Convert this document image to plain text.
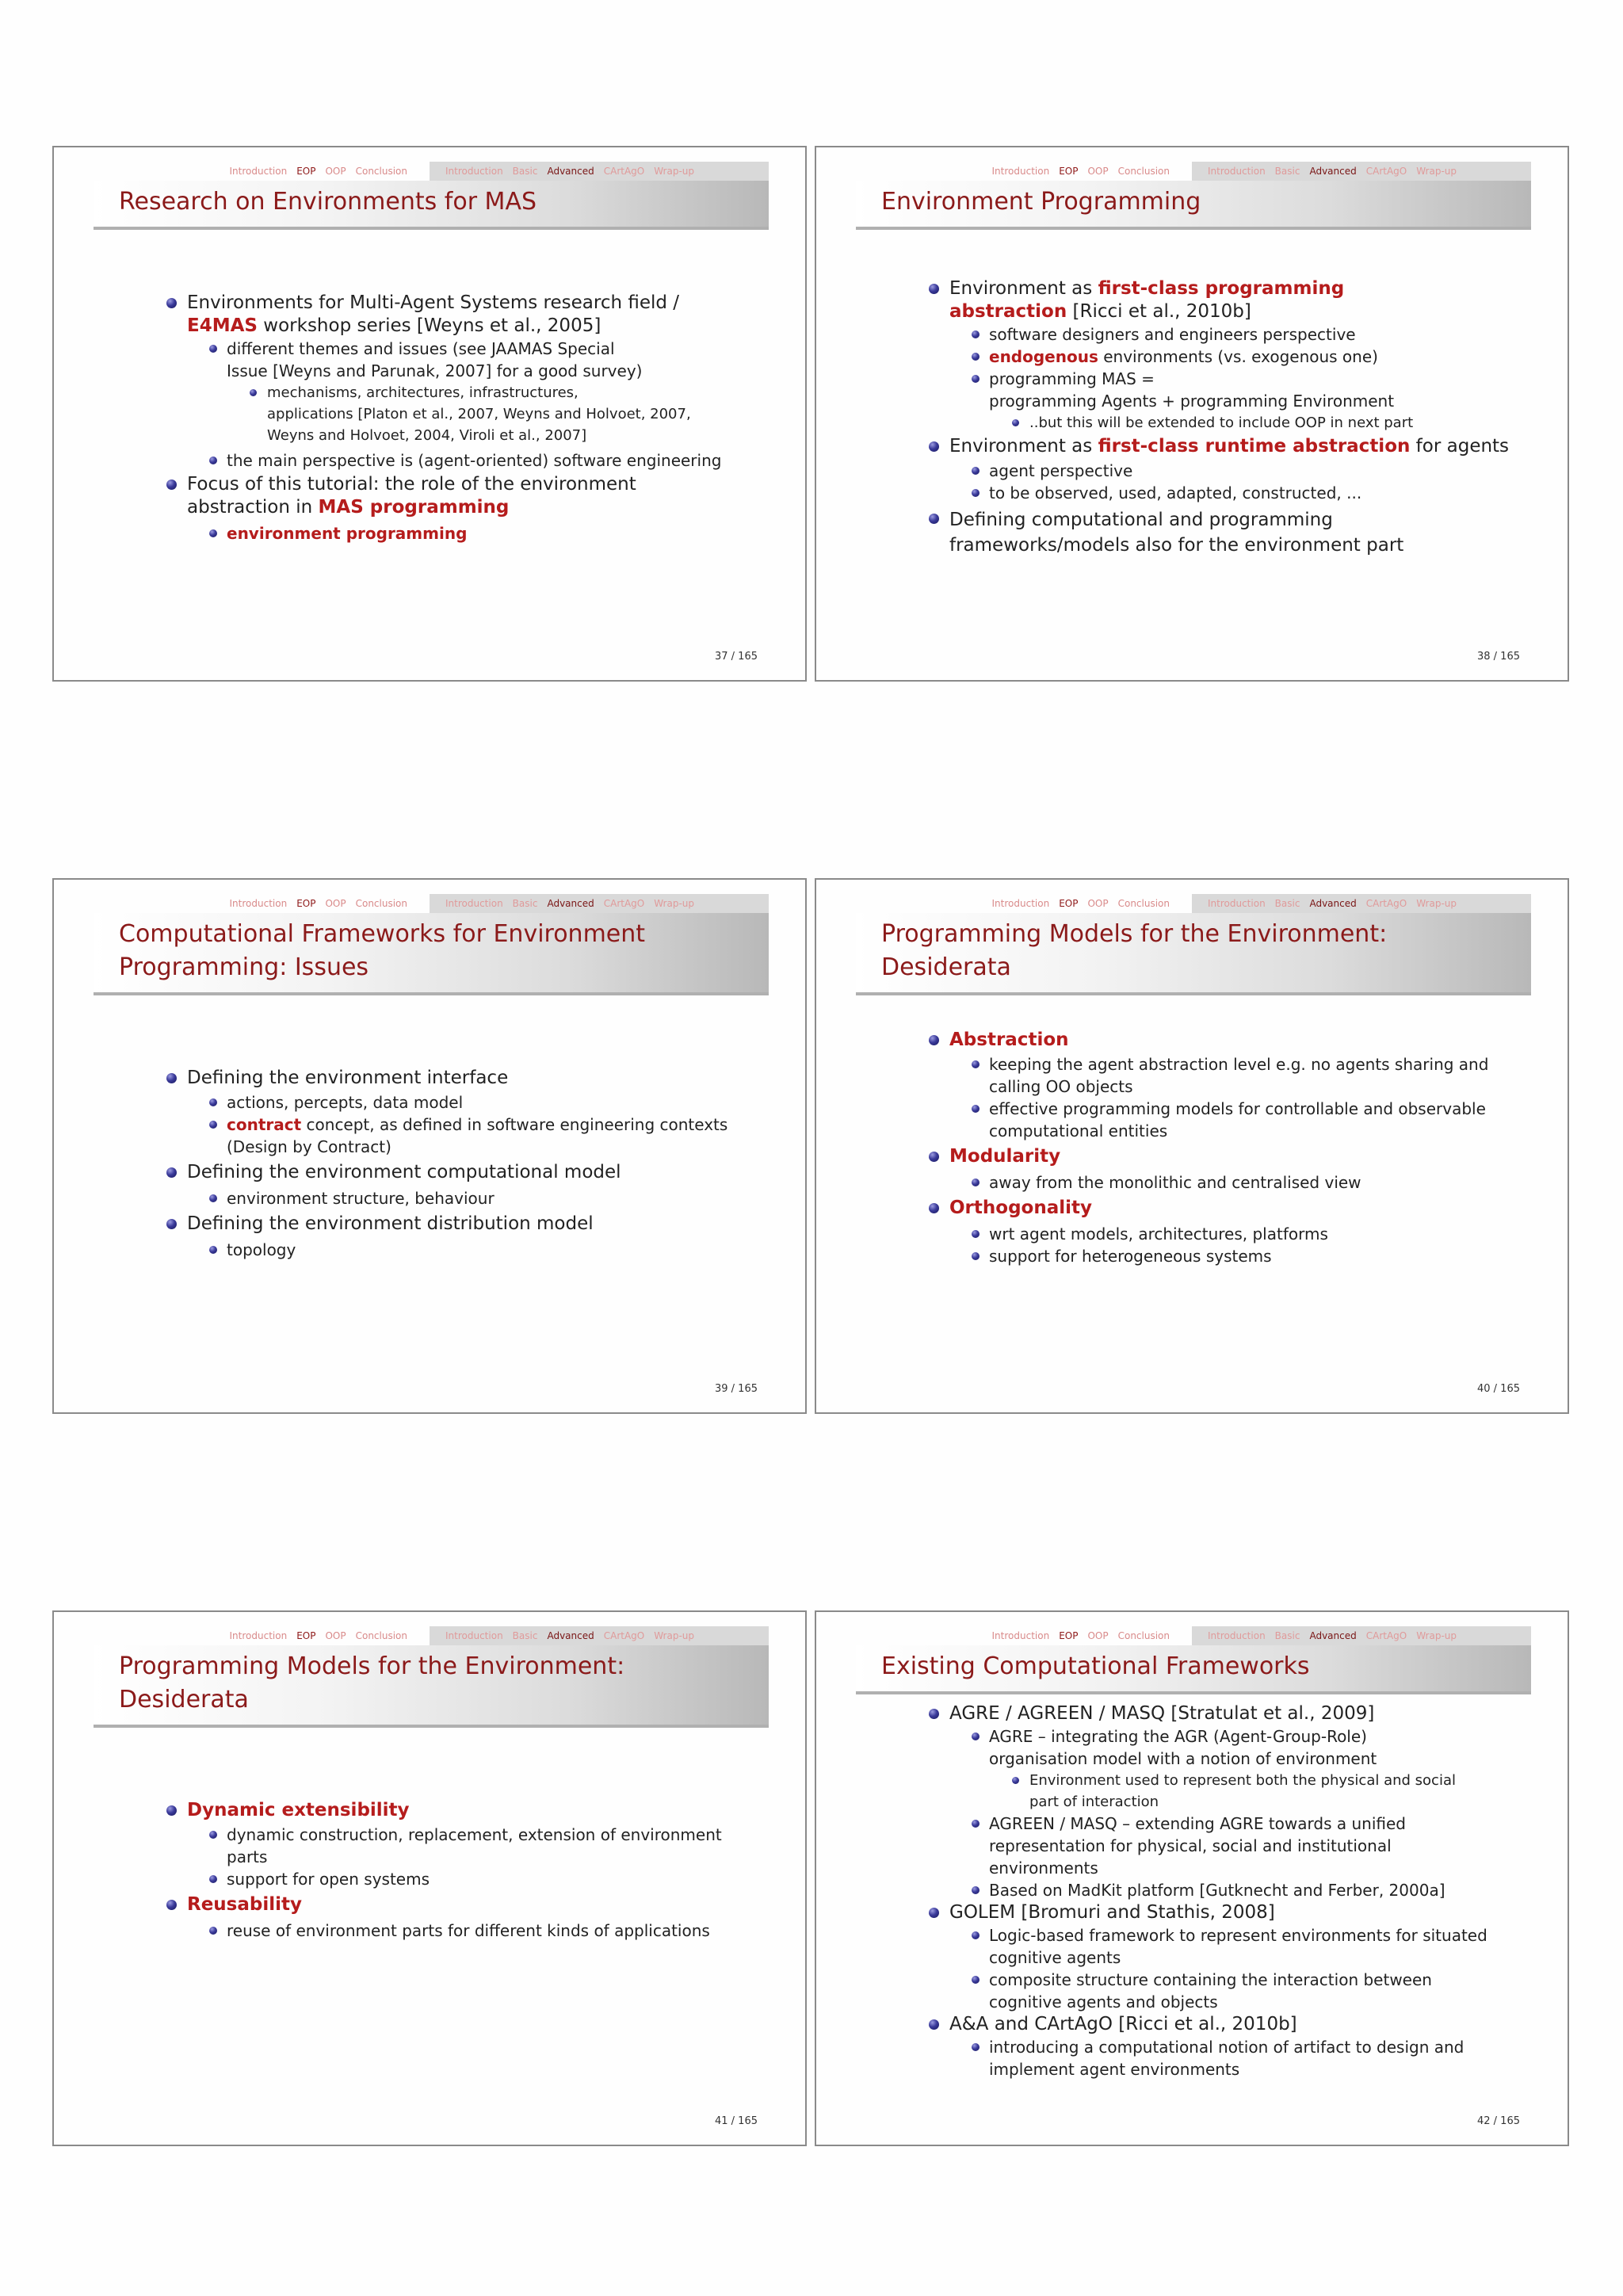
Introduction EOP OOP Conclusion	Introduction Basic Advanced CArtAgO Wrap-up
Research on Environments for MAS
Environments for Multi-Agent Systems research field /
E4MAS workshop series [Weyns et al., 2005]
different themes and issues (see JAAMAS Special
Issue [Weyns and Parunak, 2007] for a good survey)
mechanisms, architectures, infrastructures,
applications [Platon et al., 2007, Weyns and Holvoet, 2007,
Weyns and Holvoet, 2004, Viroli et al., 2007]
the main perspective is (agent-oriented) software engineering
Focus of this tutorial: the role of the environment
abstraction in MAS programming
environment programming
37 / 165
Introduction EOP OOP Conclusion	Introduction Basic Advanced CArtAgO Wrap-up
Environment Programming
Environment as first-class programming
abstraction [Ricci et al., 2010b]
software designers and engineers perspective
endogenous environments (vs. exogenous one)
programming MAS =
programming Agents + programming Environment
..but this will be extended to include OOP in next part
Environment as first-class runtime abstraction for agents
agent perspective
to be observed, used, adapted, constructed, ...
Defining computational and programming
frameworks/models also for the environment part
38 / 165
Introduction EOP OOP Conclusion	Introduction Basic Advanced CArtAgO Wrap-up
Computational Frameworks for Environment
Programming: Issues
Defining the environment interface
actions, percepts, data model
contract concept, as defined in software engineering contexts
(Design by Contract)
Defining the environment computational model
environment structure, behaviour
Defining the environment distribution model
topology
39 / 165
Introduction EOP OOP Conclusion	Introduction Basic Advanced CArtAgO Wrap-up
Programming Models for the Environment: Desiderata
Abstraction
keeping the agent abstraction level e.g. no agents sharing and
calling OO objects
effective programming models for controllable and observable
computational entities
Modularity
away from the monolithic and centralised view
Orthogonality
wrt agent models, architectures, platforms
support for heterogeneous systems
40 / 165
Introduction EOP OOP Conclusion	Introduction Basic Advanced CArtAgO Wrap-up
Programming Models for the Environment: Desiderata
Dynamic extensibility
dynamic construction, replacement, extension of environment
parts
support for open systems
Reusability
reuse of environment parts for different kinds of applications
41 / 165
Introduction EOP OOP Conclusion	Introduction Basic Advanced CArtAgO Wrap-up
Existing Computational Frameworks
AGRE / AGREEN / MASQ [Stratulat et al., 2009]
AGRE – integrating the AGR (Agent-Group-Role)
organisation model with a notion of environment
Environment used to represent both the physical and social
part of interaction
AGREEN / MASQ – extending AGRE towards a unified
representation for physical, social and institutional
environments
Based on MadKit platform [Gutknecht and Ferber, 2000a]
GOLEM [Bromuri and Stathis, 2008]
Logic-based framework to represent environments for situated
cognitive agents
composite structure containing the interaction between
cognitive agents and objects
A&A and CArtAgO [Ricci et al., 2010b]
introducing a computational notion of artifact to design and
implement agent environments
42 / 165
